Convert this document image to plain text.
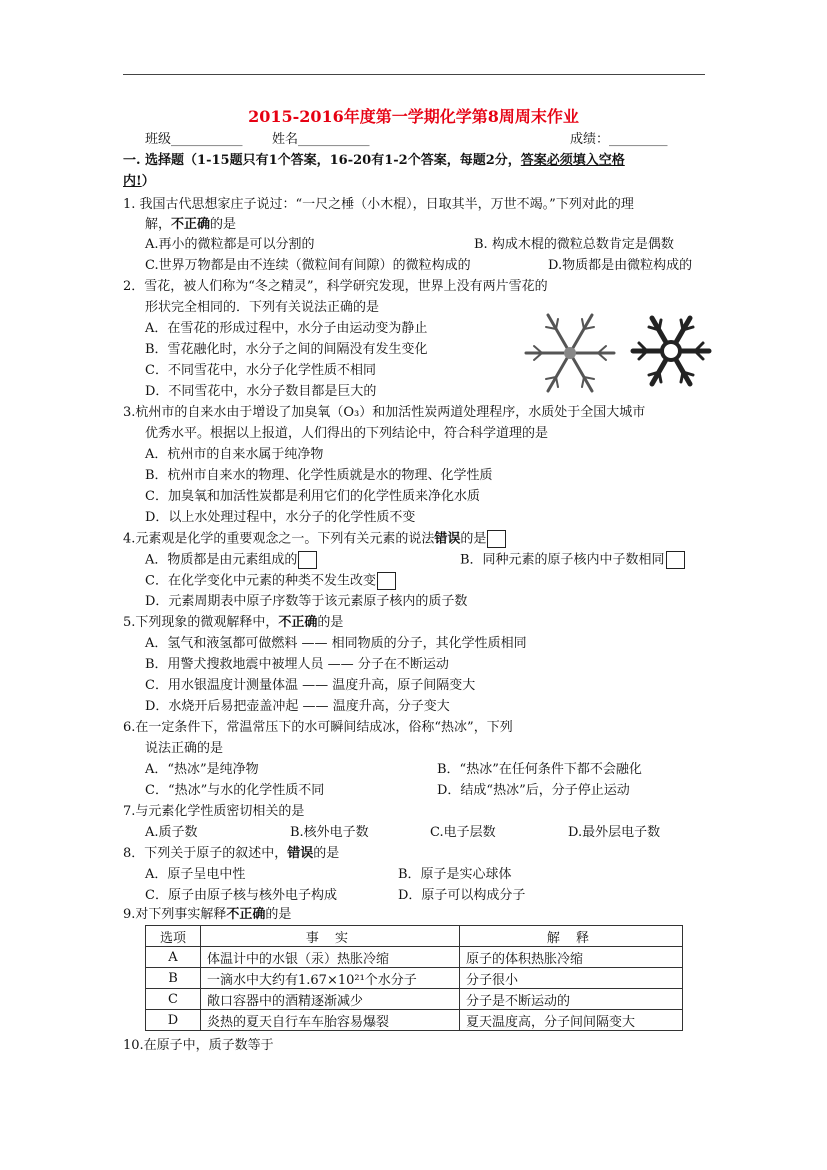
2015-2016年度第一学期化学第8周周末作业
班级___________ 姓名___________	成绩：_________
一. 选择题（1-15题只有1个答案，16-20有1-2个答案，每题2分，答案必须填入空格
内!）
1. 我国古代思想家庄子说过：“一尺之棰（小木棍），日取其半，万世不竭。”下列对此的理
解，不正确的是
A.再小的微粒都是可以分割的	B. 构成木棍的微粒总数肯定是偶数
C.世界万物都是由不连续（微粒间有间隙）的微粒构成的	D.物质都是由微粒构成的
2．雪花，被人们称为“冬之精灵”，科学研究发现，世界上没有两片雪花的
形状完全相同的．下列有关说法正确的是
A．在雪花的形成过程中，水分子由运动变为静止
B．雪花融化时，水分子之间的间隔没有发生变化
C．不同雪花中，水分子化学性质不相同
D．不同雪花中，水分子数目都是巨大的
3.杭州市的自来水由于增设了加臭氧（O₃）和加活性炭两道处理程序，水质处于全国大城市
优秀水平。根据以上报道，人们得出的下列结论中，符合科学道理的是
A．杭州市的自来水属于纯净物
B．杭州市自来水的物理、化学性质就是水的物理、化学性质
C．加臭氧和加活性炭都是利用它们的化学性质来净化水质
D．以上水处理过程中，水分子的化学性质不变
4.元素观是化学的重要观念之一。下列有关元素的说法错误的是
A．物质都是由元素组成的	B．同种元素的原子核内中子数相同
C．在化学变化中元素的种类不发生改变
D．元素周期表中原子序数等于该元素原子核内的质子数
5.下列现象的微观解释中，不正确的是
A．氢气和液氢都可做燃料 —— 相同物质的分子，其化学性质相同
B．用警犬搜救地震中被埋人员 —— 分子在不断运动
C．用水银温度计测量体温 —— 温度升高，原子间隔变大
D．水烧开后易把壶盖冲起 —— 温度升高，分子变大
6.在一定条件下，常温常压下的水可瞬间结成冰，俗称“热冰”，下列
说法正确的是
A．“热冰”是纯净物	B．“热冰”在任何条件下都不会融化
C．“热冰”与水的化学性质不同	D．结成“热冰”后，分子停止运动
7.与元素化学性质密切相关的是
A.质子数	B.核外电子数	C.电子层数	D.最外层电子数
8．下列关于原子的叙述中，错误的是
A．原子呈电中性	B．原子是实心球体
C．原子由原子核与核外电子构成	D．原子可以构成分子
9.对下列事实解释不正确的是
选项	事 实	解 释
A	体温计中的水银（汞）热胀冷缩	原子的体积热胀冷缩
B	一滴水中大约有1.67×10²¹个水分子	分子很小
C	敞口容器中的酒精逐渐减少	分子是不断运动的
D	炎热的夏天自行车车胎容易爆裂	夏天温度高，分子间间隔变大
10.在原子中，质子数等于
